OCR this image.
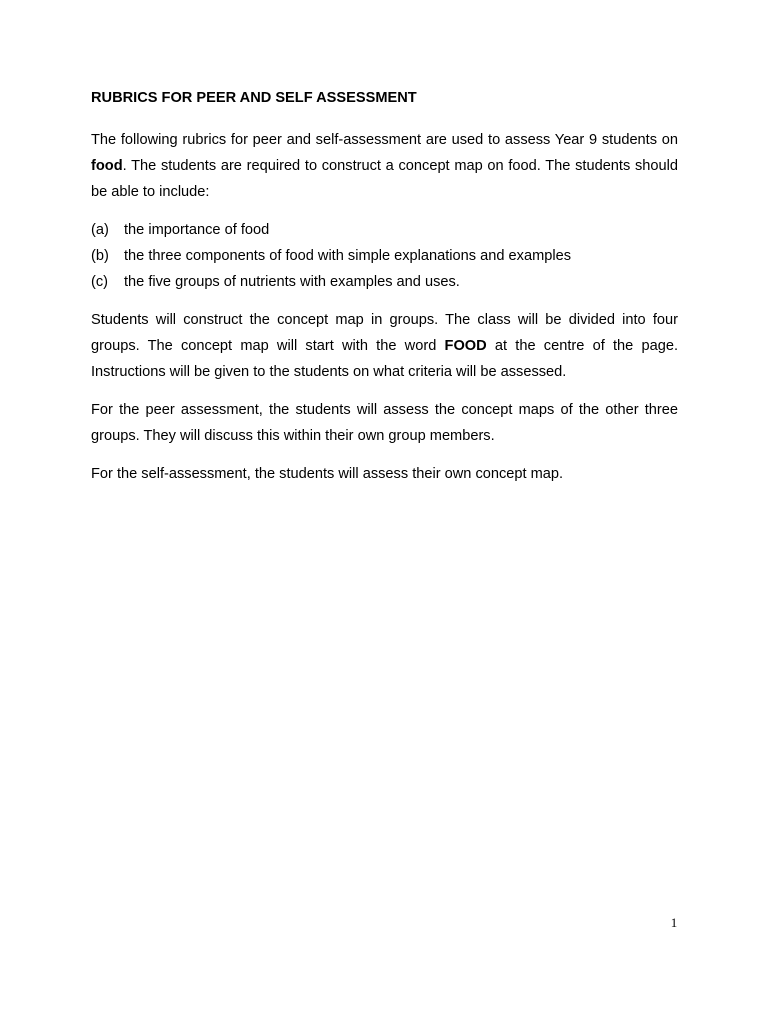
RUBRICS FOR PEER AND SELF ASSESSMENT

The following rubrics for peer and self-assessment are used to assess Year 9 students on food. The students are required to construct a concept map on food. The students should be able to include:

(a)	the importance of food
(b)	the three components of food with simple explanations and examples
(c)	the five groups of nutrients with examples and uses.

Students will construct the concept map in groups. The class will be divided into four groups. The concept map will start with the word FOOD at the centre of the page. Instructions will be given to the students on what criteria will be assessed.

For the peer assessment, the students will assess the concept maps of the other three groups. They will discuss this within their own group members.

For the self-assessment, the students will assess their own concept map.

1
